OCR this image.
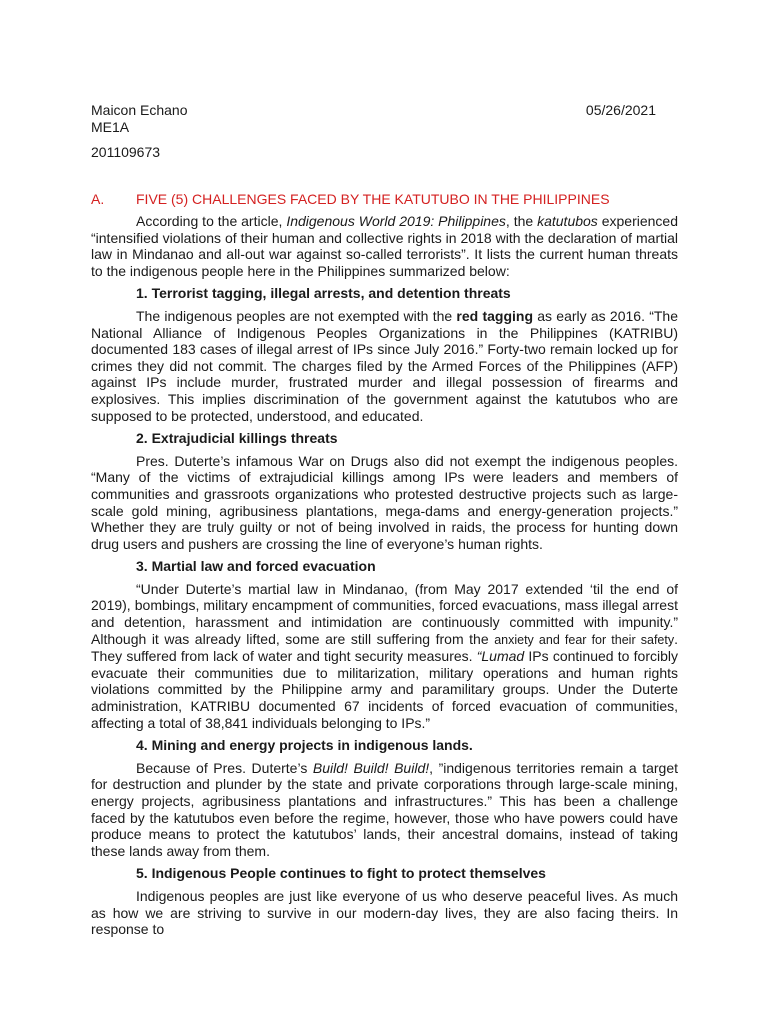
Maicon Echano	05/26/2021

ME1A

201109673

A. FIVE (5) CHALLENGES FACED BY THE KATUTUBO IN THE PHILIPPINES

According to the article, Indigenous World 2019: Philippines, the katutubos experienced “intensified violations of their human and collective rights in 2018 with the declaration of martial law in Mindanao and all-out war against so-called terrorists”. It lists the current human threats to the indigenous people here in the Philippines summarized below:

1. Terrorist tagging, illegal arrests, and detention threats

The indigenous peoples are not exempted with the red tagging as early as 2016. “The National Alliance of Indigenous Peoples Organizations in the Philippines (KATRIBU) documented 183 cases of illegal arrest of IPs since July 2016.” Forty-two remain locked up for crimes they did not commit. The charges filed by the Armed Forces of the Philippines (AFP) against IPs include murder, frustrated murder and illegal possession of firearms and explosives. This implies discrimination of the government against the katutubos who are supposed to be protected, understood, and educated.

2. Extrajudicial killings threats

Pres. Duterte’s infamous War on Drugs also did not exempt the indigenous peoples. “Many of the victims of extrajudicial killings among IPs were leaders and members of communities and grassroots organizations who protested destructive projects such as large-scale gold mining, agribusiness plantations, mega-dams and energy-generation projects.” Whether they are truly guilty or not of being involved in raids, the process for hunting down drug users and pushers are crossing the line of everyone’s human rights.

3. Martial law and forced evacuation

“Under Duterte’s martial law in Mindanao, (from May 2017 extended ‘til the end of 2019), bombings, military encampment of communities, forced evacuations, mass illegal arrest and detention, harassment and intimidation are continuously committed with impunity.” Although it was already lifted, some are still suffering from the anxiety and fear for their safety. They suffered from lack of water and tight security measures. “Lumad IPs continued to forcibly evacuate their communities due to militarization, military operations and human rights violations committed by the Philippine army and paramilitary groups. Under the Duterte administration, KATRIBU documented 67 incidents of forced evacuation of communities, affecting a total of 38,841 individuals belonging to IPs.”

4. Mining and energy projects in indigenous lands.

Because of Pres. Duterte’s Build! Build! Build!, ”indigenous territories remain a target for destruction and plunder by the state and private corporations through large-scale mining, energy projects, agribusiness plantations and infrastructures.” This has been a challenge faced by the katutubos even before the regime, however, those who have powers could have produce means to protect the katutubos’ lands, their ancestral domains, instead of taking these lands away from them.

5. Indigenous People continues to fight to protect themselves

Indigenous peoples are just like everyone of us who deserve peaceful lives. As much as how we are striving to survive in our modern-day lives, they are also facing theirs. In response to
